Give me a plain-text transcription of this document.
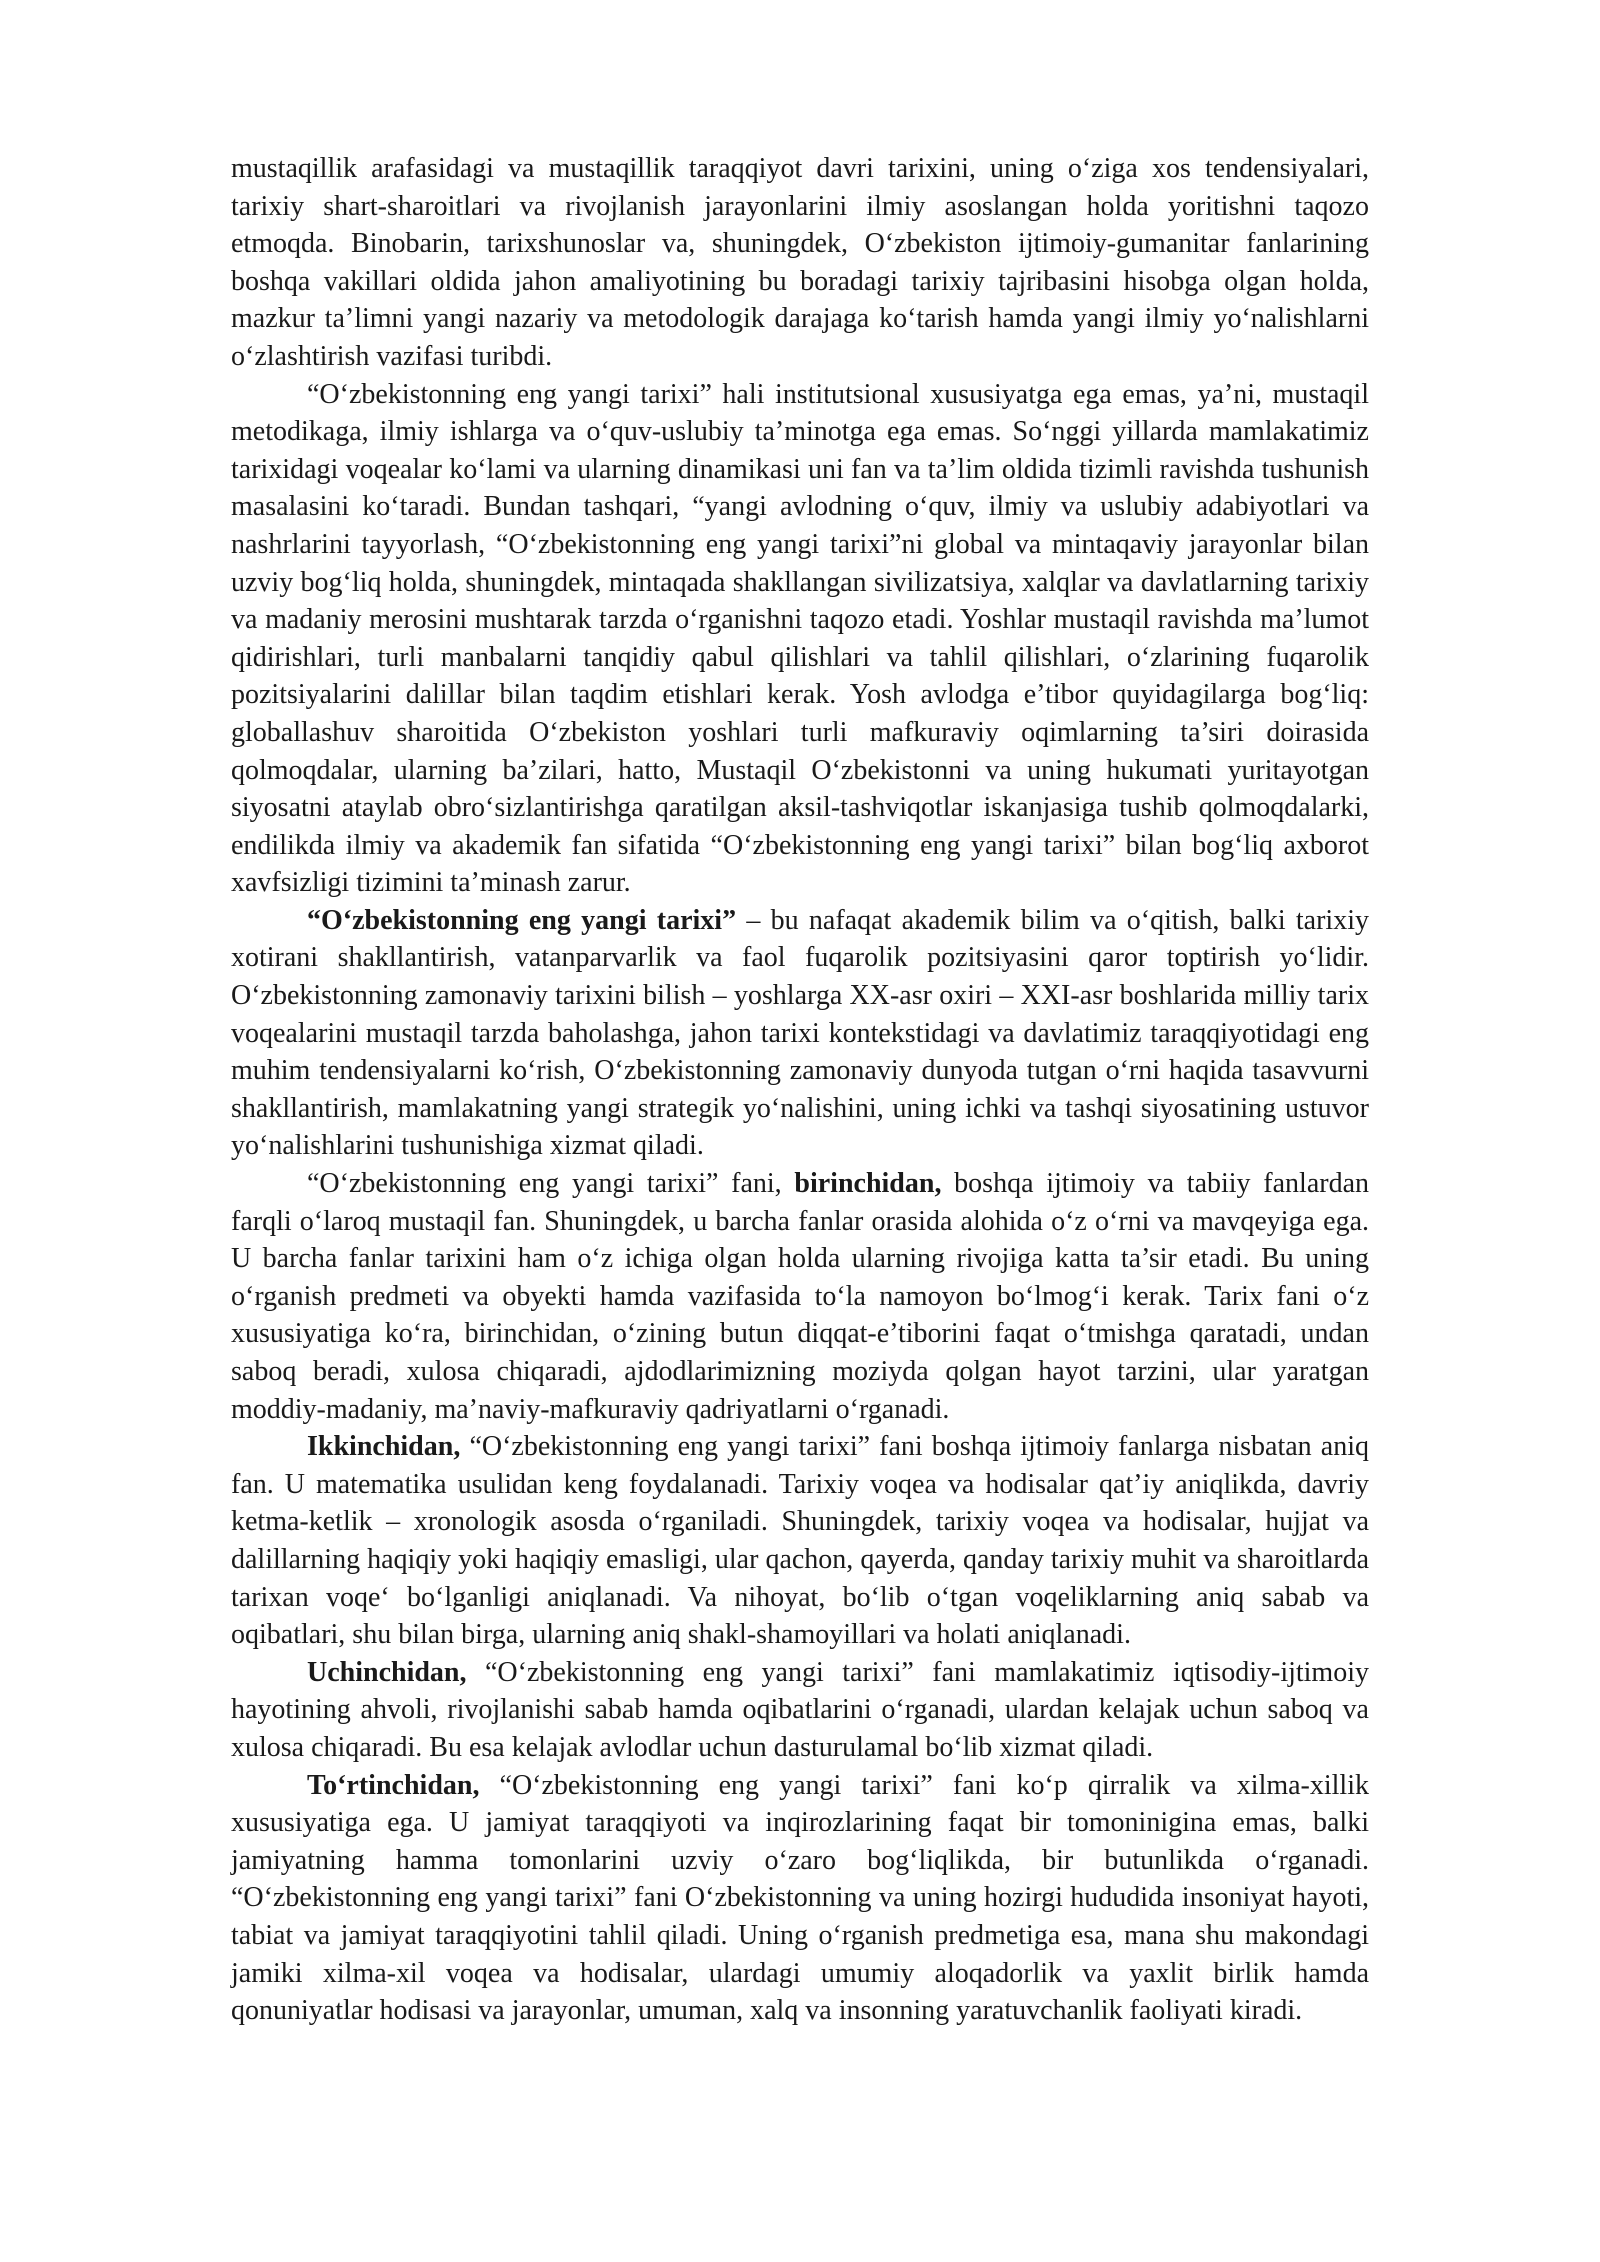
mustaqillik arafasidagi va mustaqillik taraqqiyot davri tarixini, uning o‘ziga xos tendensiyalari, tarixiy shart-sharoitlari va rivojlanish jarayonlarini ilmiy asoslangan holda yoritishni taqozo etmoqda. Binobarin, tarixshunoslar va, shuningdek, O‘zbekiston ijtimoiy-gumanitar fanlarining boshqa vakillari oldida jahon amaliyotining bu boradagi tarixiy tajribasini hisobga olgan holda, mazkur ta’limni yangi nazariy va metodologik darajaga ko‘tarish hamda yangi ilmiy yo‘nalishlarni o‘zlashtirish vazifasi turibdi.

“O‘zbekistonning eng yangi tarixi” hali institutsional xususiyatga ega emas, ya’ni, mustaqil metodikaga, ilmiy ishlarga va o‘quv-uslubiy ta’minotga ega emas. So‘nggi yillarda mamlakatimiz tarixidagi voqealar ko‘lami va ularning dinamikasi uni fan va ta’lim oldida tizimli ravishda tushunish masalasini ko‘taradi. Bundan tashqari, “yangi avlodning o‘quv, ilmiy va uslubiy adabiyotlari va nashrlarini tayyorlash, “O‘zbekistonning eng yangi tarixi”ni global va mintaqaviy jarayonlar bilan uzviy bog‘liq holda, shuningdek, mintaqada shakllangan sivilizatsiya, xalqlar va davlatlarning tarixiy va madaniy merosini mushtarak tarzda o‘rganishni taqozo etadi. Yoshlar mustaqil ravishda ma’lumot qidirishlari, turli manbalarni tanqidiy qabul qilishlari va tahlil qilishlari, o‘zlarining fuqarolik pozitsiyalarini dalillar bilan taqdim etishlari kerak. Yosh avlodga e’tibor quyidagilarga bog‘liq: globallashuv sharoitida O‘zbekiston yoshlari turli mafkuraviy oqimlarning ta’siri doirasida qolmoqdalar, ularning ba’zilari, hatto, Mustaqil O‘zbekistonni va uning hukumati yuritayotgan siyosatni ataylab obro‘sizlantirishga qaratilgan aksil-tashviqotlar iskanjasiga tushib qolmoqdalarki, endilikda ilmiy va akademik fan sifatida “O‘zbekistonning eng yangi tarixi” bilan bog‘liq axborot xavfsizligi tizimini ta’minash zarur.

“O‘zbekistonning eng yangi tarixi” – bu nafaqat akademik bilim va o‘qitish, balki tarixiy xotirani shakllantirish, vatanparvarlik va faol fuqarolik pozitsiyasini qaror toptirish yo‘lidir. O‘zbekistonning zamonaviy tarixini bilish – yoshlarga XX-asr oxiri – XXI-asr boshlarida milliy tarix voqealarini mustaqil tarzda baholashga, jahon tarixi kontekstidagi va davlatimiz taraqqiyotidagi eng muhim tendensiyalarni ko‘rish, O‘zbekistonning zamonaviy dunyoda tutgan o‘rni haqida tasavvurni shakllantirish, mamlakatning yangi strategik yo‘nalishini, uning ichki va tashqi siyosatining ustuvor yo‘nalishlarini tushunishiga xizmat qiladi.

“O‘zbekistonning eng yangi tarixi” fani, birinchidan, boshqa ijtimoiy va tabiiy fanlardan farqli o‘laroq mustaqil fan. Shuningdek, u barcha fanlar orasida alohida o‘z o‘rni va mavqeyiga ega. U barcha fanlar tarixini ham o‘z ichiga olgan holda ularning rivojiga katta ta’sir etadi. Bu uning o‘rganish predmeti va obyekti hamda vazifasida to‘la namoyon bo‘lmog‘i kerak. Tarix fani o‘z xususiyatiga ko‘ra, birinchidan, o‘zining butun diqqat-e’tiborini faqat o‘tmishga qaratadi, undan saboq beradi, xulosa chiqaradi, ajdodlarimizning moziyda qolgan hayot tarzini, ular yaratgan moddiy-madaniy, ma’naviy-mafkuraviy qadriyatlarni o‘rganadi.

Ikkinchidan, “O‘zbekistonning eng yangi tarixi” fani boshqa ijtimoiy fanlarga nisbatan aniq fan. U matematika usulidan keng foydalanadi. Tarixiy voqea va hodisalar qat’iy aniqlikda, davriy ketma-ketlik – xronologik asosda o‘rganiladi. Shuningdek, tarixiy voqea va hodisalar, hujjat va dalillarning haqiqiy yoki haqiqiy emasligi, ular qachon, qayerda, qanday tarixiy muhit va sharoitlarda tarixan voqe‘ bo‘lganligi aniqlanadi. Va nihoyat, bo‘lib o‘tgan voqeliklarning aniq sabab va oqibatlari, shu bilan birga, ularning aniq shakl-shamoyillari va holati aniqlanadi.

Uchinchidan, “O‘zbekistonning eng yangi tarixi” fani mamlakatimiz iqtisodiy-ijtimoiy hayotining ahvoli, rivojlanishi sabab hamda oqibatlarini o‘rganadi, ulardan kelajak uchun saboq va xulosa chiqaradi. Bu esa kelajak avlodlar uchun dasturulamal bo‘lib xizmat qiladi.

To‘rtinchidan, “O‘zbekistonning eng yangi tarixi” fani ko‘p qirralik va xilma-xillik xususiyatiga ega. U jamiyat taraqqiyoti va inqirozlarining faqat bir tomoninigina emas, balki jamiyatning hamma tomonlarini uzviy o‘zaro bog‘liqlikda, bir butunlikda o‘rganadi. “O‘zbekistonning eng yangi tarixi” fani O‘zbekistonning va uning hozirgi hududida insoniyat hayoti, tabiat va jamiyat taraqqiyotini tahlil qiladi. Uning o‘rganish predmetiga esa, mana shu makondagi jamiki xilma-xil voqea va hodisalar, ulardagi umumiy aloqadorlik va yaxlit birlik hamda qonuniyatlar hodisasi va jarayonlar, umuman, xalq va insonning yaratuvchanlik faoliyati kiradi.
